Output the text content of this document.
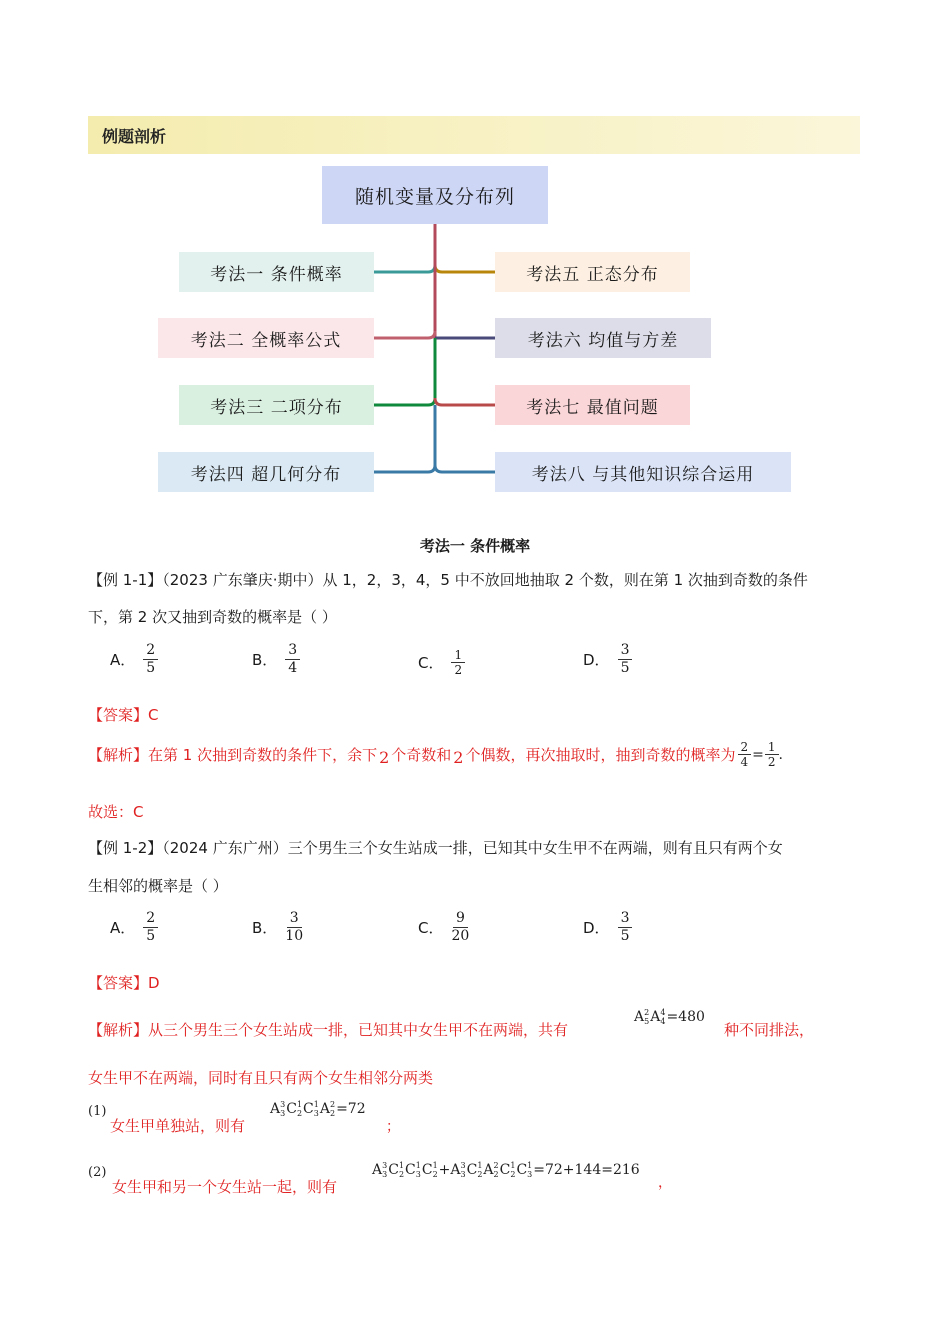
例题剖析
随机变量及分布列
考法一 条件概率
考法二 全概率公式
考法三 二项分布
考法四 超几何分布
考法五 正态分布
考法六 均值与方差
考法七 最值问题
考法八 与其他知识综合运用
考法一 条件概率
【例 1-1】（2023 广东肇庆·期中）从 1，2，3，4，5 中不放回地抽取 2 个数，则在第 1 次抽到奇数的条件
下，第 2 次又抽到奇数的概率是（ ）
A． $\frac{2}{5}$	B． $\frac{3}{4}$	C． $\frac{1}{2}$	D． $\frac{3}{5}$
【答案】C
【解析】在第 1 次抽到奇数的条件下，余下 2 个奇数和 2 个偶数，再次抽取时，抽到奇数的概率为 $\frac{2}{4} = \frac{1}{2}$ .
故选：C
【例 1-2】（2024 广东广州）三个男生三个女生站成一排，已知其中女生甲不在两端，则有且只有两个女
生相邻的概率是（ ）
A． $\frac{2}{5}$	B． $\frac{3}{10}$	C． $\frac{9}{20}$	D． $\frac{3}{5}$
【答案】D
【解析】从三个男生三个女生站成一排，已知其中女生甲不在两端，共有
A 2
5 A 4
4 =480
种不同排法，
女生甲不在两端，同时有且只有两个女生相邻分两类
(1)
女生甲单独站，则有
A 3
3 C 1
2 C 1
3 A 2
2 =72
；
(2)
女生甲和另一个女生站一起，则有
A 3
3 C 1
2 C 1
3 C 1
2 +A 3
3 C 1
2 A 2
2 C 1
2 C 1
3 =72+144=216
，
